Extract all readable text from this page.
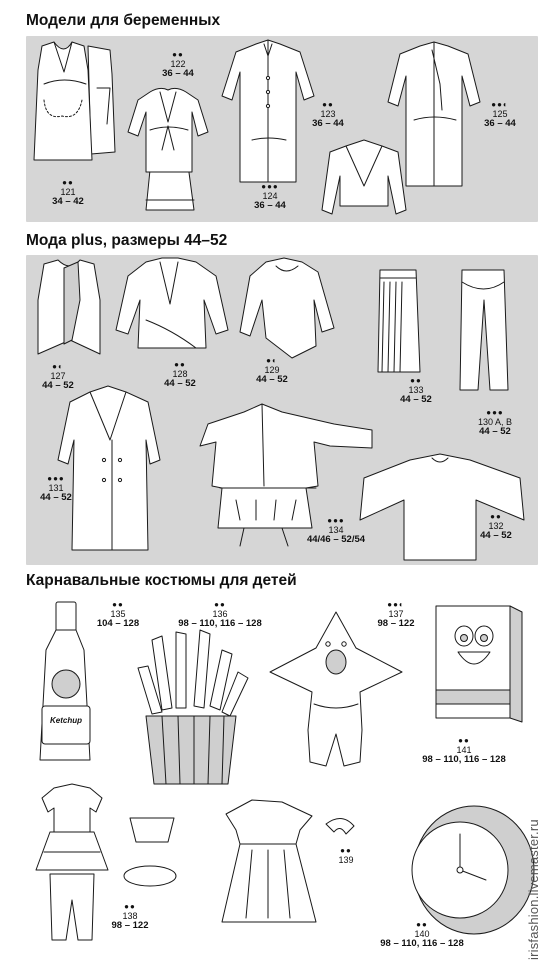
Модели для беременных
Мода plus, размеры 44–52
Карнавальные костюмы для детей
●●
121
34 – 42
●●
122
36 – 44
●●
123
36 – 44
●●●
124
36 – 44
●●◐
125
36 – 44
●◐
127
44 – 52
●●
128
44 – 52
●◐
129
44 – 52	●●
133
44 – 52
●●●
130 A, B
44 – 52
●●●
131
44 – 52
●●●
134
44/46 – 52/54
●●
132
44 – 52
●●
135
104 – 128
●●
136
98 – 110, 116 – 128
●●◐
137
98 – 122
●●
141
98 – 110, 116 – 128
●●
138
98 – 122
●●
139
●●
140
98 – 110, 116 – 128
Ketchup
irisfashion.livemaster.ru
